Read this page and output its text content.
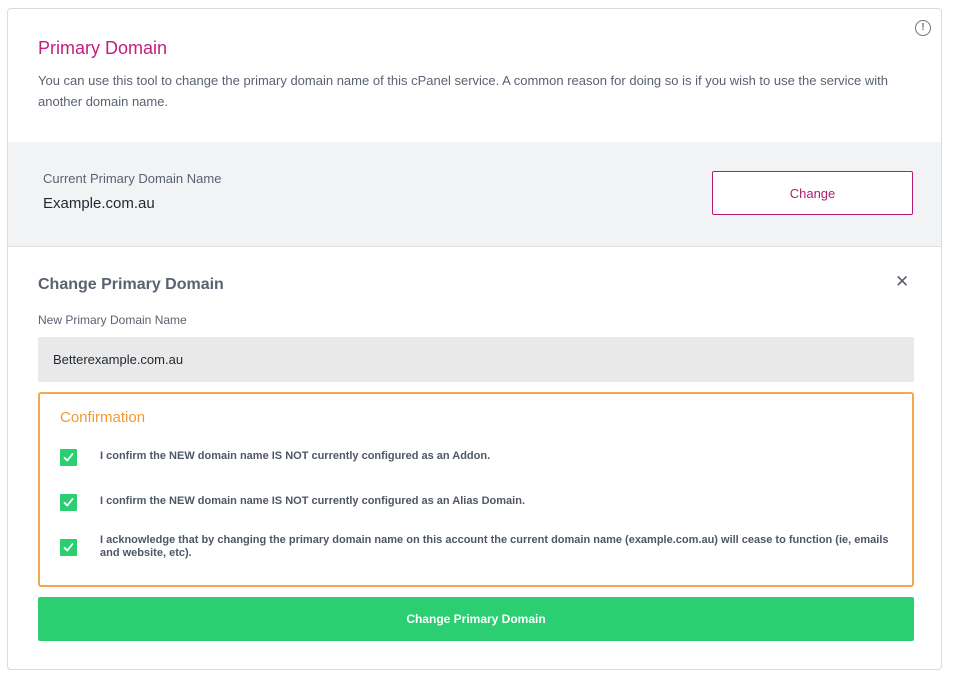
!
Primary Domain

You can use this tool to change the primary domain name of this cPanel service. A common reason for doing so is if you wish to use the service with another domain name.

Current Primary Domain Name
Example.com.au
Change
Change Primary Domain	✕
New Primary Domain Name
Betterexample.com.au
Confirmation
I confirm the NEW domain name IS NOT currently configured as an Addon.
I confirm the NEW domain name IS NOT currently configured as an Alias Domain.
I acknowledge that by changing the primary domain name on this account the current domain name (example.com.au) will cease to function (ie, emails and website, etc).
Change Primary Domain
